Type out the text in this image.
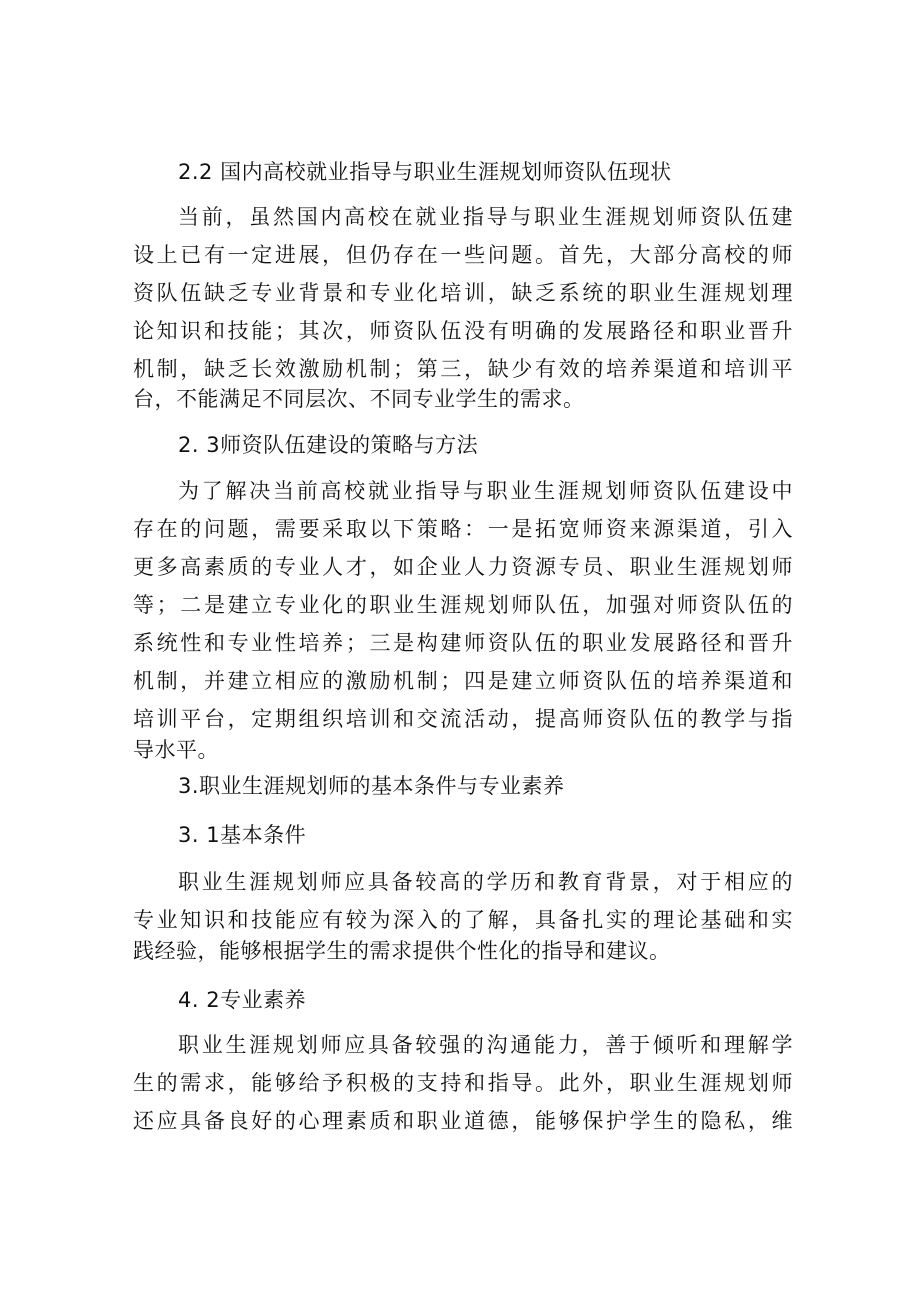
2.2 国内高校就业指导与职业生涯规划师资队伍现状
当前，虽然国内高校在就业指导与职业生涯规划师资队伍建
设上已有一定进展，但仍存在一些问题。首先，大部分高校的师
资队伍缺乏专业背景和专业化培训，缺乏系统的职业生涯规划理
论知识和技能；其次，师资队伍没有明确的发展路径和职业晋升
机制，缺乏长效激励机制；第三，缺少有效的培养渠道和培训平
台，不能满足不同层次、不同专业学生的需求。
2. 3师资队伍建设的策略与方法
为了解决当前高校就业指导与职业生涯规划师资队伍建设中
存在的问题，需要采取以下策略：一是拓宽师资来源渠道，引入
更多高素质的专业人才，如企业人力资源专员、职业生涯规划师
等；二是建立专业化的职业生涯规划师队伍，加强对师资队伍的
系统性和专业性培养；三是构建师资队伍的职业发展路径和晋升
机制，并建立相应的激励机制；四是建立师资队伍的培养渠道和
培训平台，定期组织培训和交流活动，提高师资队伍的教学与指
导水平。
3.职业生涯规划师的基本条件与专业素养
3. 1基本条件
职业生涯规划师应具备较高的学历和教育背景，对于相应的
专业知识和技能应有较为深入的了解，具备扎实的理论基础和实
践经验，能够根据学生的需求提供个性化的指导和建议。
4. 2专业素养
职业生涯规划师应具备较强的沟通能力，善于倾听和理解学
生的需求，能够给予积极的支持和指导。此外，职业生涯规划师
还应具备良好的心理素质和职业道德，能够保护学生的隐私，维
